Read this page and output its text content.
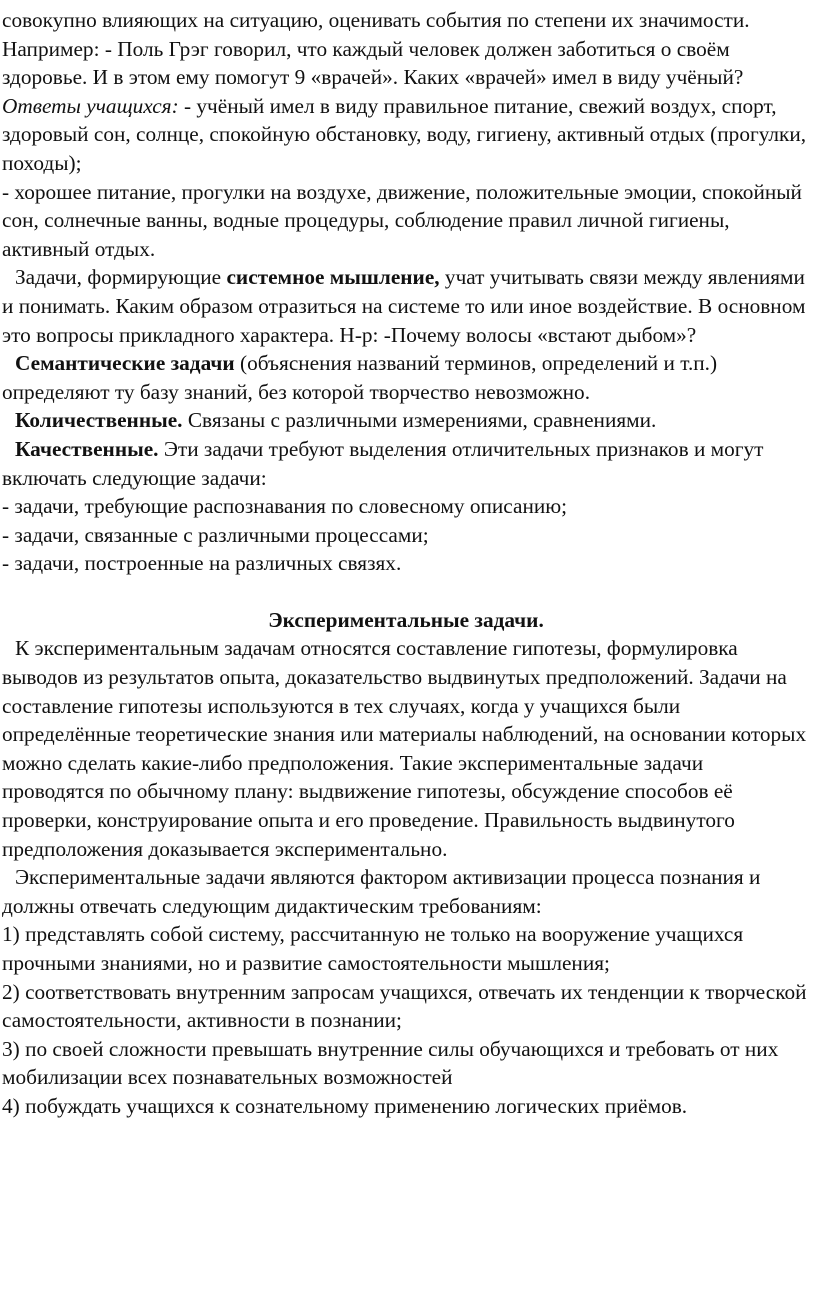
совокупно влияющих на ситуацию, оценивать события по степени их значимости.

Например: - Поль Грэг говорил, что каждый человек должен заботиться о своём здоровье. И в этом ему помогут 9 «врачей». Каких «врачей» имел в виду учёный? Ответы учащихся: - учёный имел в виду правильное питание, свежий воздух, спорт, здоровый сон, солнце, спокойную обстановку, воду, гигиену, активный отдых (прогулки, походы);

- хорошее питание, прогулки на воздухе, движение, положительные эмоции, спокойный сон, солнечные ванны, водные процедуры, соблюдение правил личной гигиены, активный отдых.

Задачи, формирующие системное мышление, учат учитывать связи между явлениями и понимать. Каким образом отразиться на системе то или иное воздействие. В основном это вопросы прикладного характера. Н-р: -Почему волосы «встают дыбом»?

Семантические задачи (объяснения названий терминов, определений и т.п.) определяют ту базу знаний, без которой творчество невозможно.

Количественные. Связаны с различными измерениями, сравнениями.

Качественные. Эти задачи требуют выделения отличительных признаков и могут включать следующие задачи:

- задачи, требующие распознавания по словесному описанию;

- задачи, связанные с различными процессами;

- задачи, построенные на различных связях.

Экспериментальные задачи.

К экспериментальным задачам относятся составление гипотезы, формулировка выводов из результатов опыта, доказательство выдвинутых предположений. Задачи на составление гипотезы используются в тех случаях, когда у учащихся были определённые теоретические знания или материалы наблюдений, на основании которых можно сделать какие-либо предположения. Такие экспериментальные задачи проводятся по обычному плану: выдвижение гипотезы, обсуждение способов её проверки, конструирование опыта и его проведение. Правильность выдвинутого предположения доказывается экспериментально.

Экспериментальные задачи являются фактором активизации процесса познания и должны отвечать следующим дидактическим требованиям:

1) представлять собой систему, рассчитанную не только на вооружение учащихся прочными знаниями, но и развитие самостоятельности мышления;

2) соответствовать внутренним запросам учащихся, отвечать их тенденции к творческой самостоятельности, активности в познании;

3) по своей сложности превышать внутренние силы обучающихся и требовать от них мобилизации всех познавательных возможностей

4) побуждать учащихся к сознательному применению логических приёмов.
